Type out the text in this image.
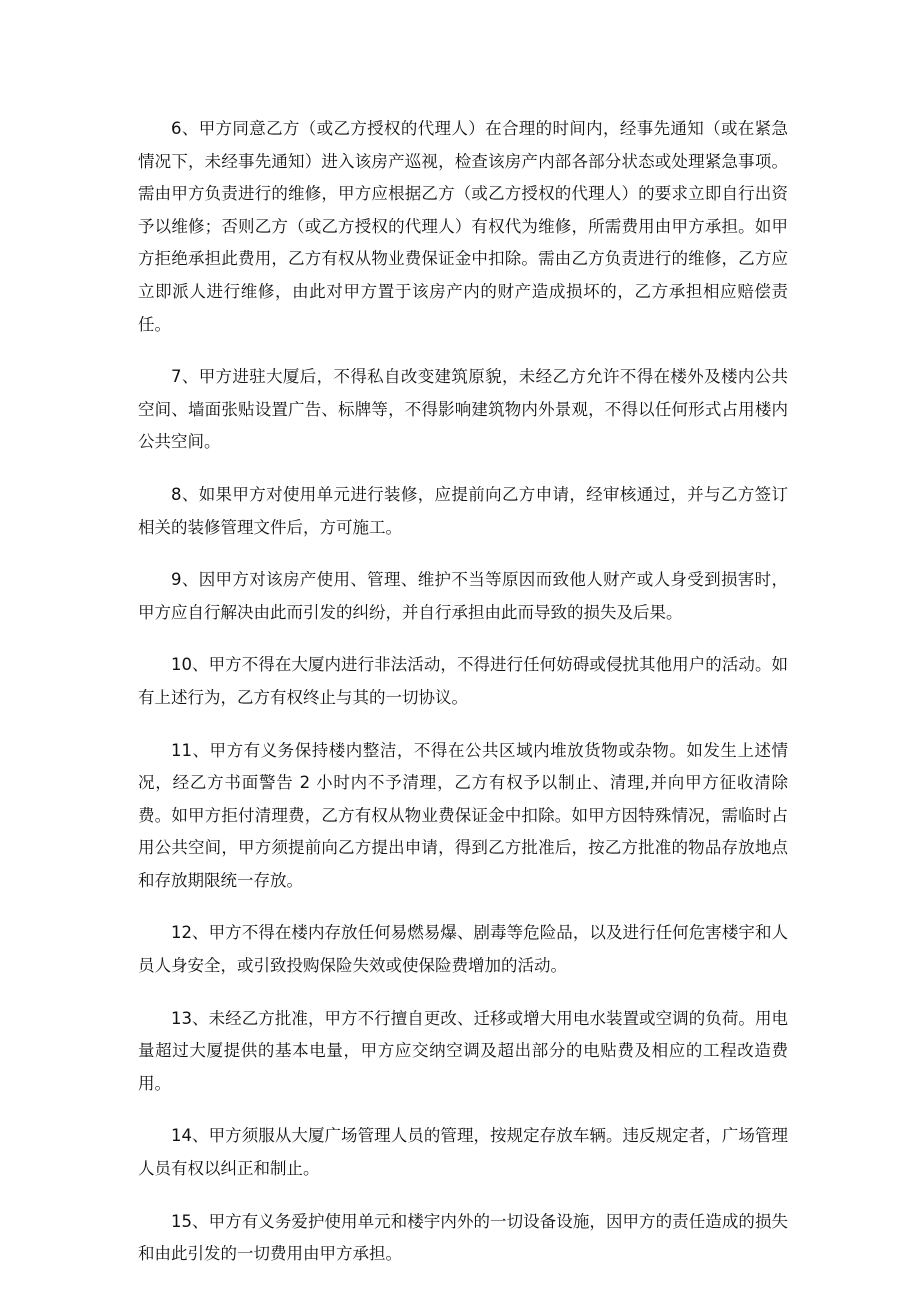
6、甲方同意乙方（或乙方授权的代理人）在合理的时间内，经事先通知（或在紧急情况下，未经事先通知）进入该房产巡视，检查该房产内部各部分状态或处理紧急事项。需由甲方负责进行的维修，甲方应根据乙方（或乙方授权的代理人）的要求立即自行出资予以维修；否则乙方（或乙方授权的代理人）有权代为维修，所需费用由甲方承担。如甲方拒绝承担此费用，乙方有权从物业费保证金中扣除。需由乙方负责进行的维修，乙方应立即派人进行维修，由此对甲方置于该房产内的财产造成损坏的，乙方承担相应赔偿责任。

7、甲方进驻大厦后，不得私自改变建筑原貌，未经乙方允许不得在楼外及楼内公共空间、墙面张贴设置广告、标牌等，不得影响建筑物内外景观，不得以任何形式占用楼内公共空间。

8、如果甲方对使用单元进行装修，应提前向乙方申请，经审核通过，并与乙方签订相关的装修管理文件后，方可施工。

9、因甲方对该房产使用、管理、维护不当等原因而致他人财产或人身受到损害时，甲方应自行解决由此而引发的纠纷，并自行承担由此而导致的损失及后果。

10、甲方不得在大厦内进行非法活动，不得进行任何妨碍或侵扰其他用户的活动。如有上述行为，乙方有权终止与其的一切协议。

11、甲方有义务保持楼内整洁，不得在公共区域内堆放货物或杂物。如发生上述情况，经乙方书面警告 2 小时内不予清理，乙方有权予以制止、清理,并向甲方征收清除费。如甲方拒付清理费，乙方有权从物业费保证金中扣除。如甲方因特殊情况，需临时占用公共空间，甲方须提前向乙方提出申请，得到乙方批准后，按乙方批准的物品存放地点和存放期限统一存放。

12、甲方不得在楼内存放任何易燃易爆、剧毒等危险品，以及进行任何危害楼宇和人员人身安全，或引致投购保险失效或使保险费增加的活动。

13、未经乙方批准，甲方不行擅自更改、迁移或增大用电水装置或空调的负荷。用电量超过大厦提供的基本电量，甲方应交纳空调及超出部分的电贴费及相应的工程改造费用。

14、甲方须服从大厦广场管理人员的管理，按规定存放车辆。违反规定者，广场管理人员有权以纠正和制止。

15、甲方有义务爱护使用单元和楼宇内外的一切设备设施，因甲方的责任造成的损失和由此引发的一切费用由甲方承担。
